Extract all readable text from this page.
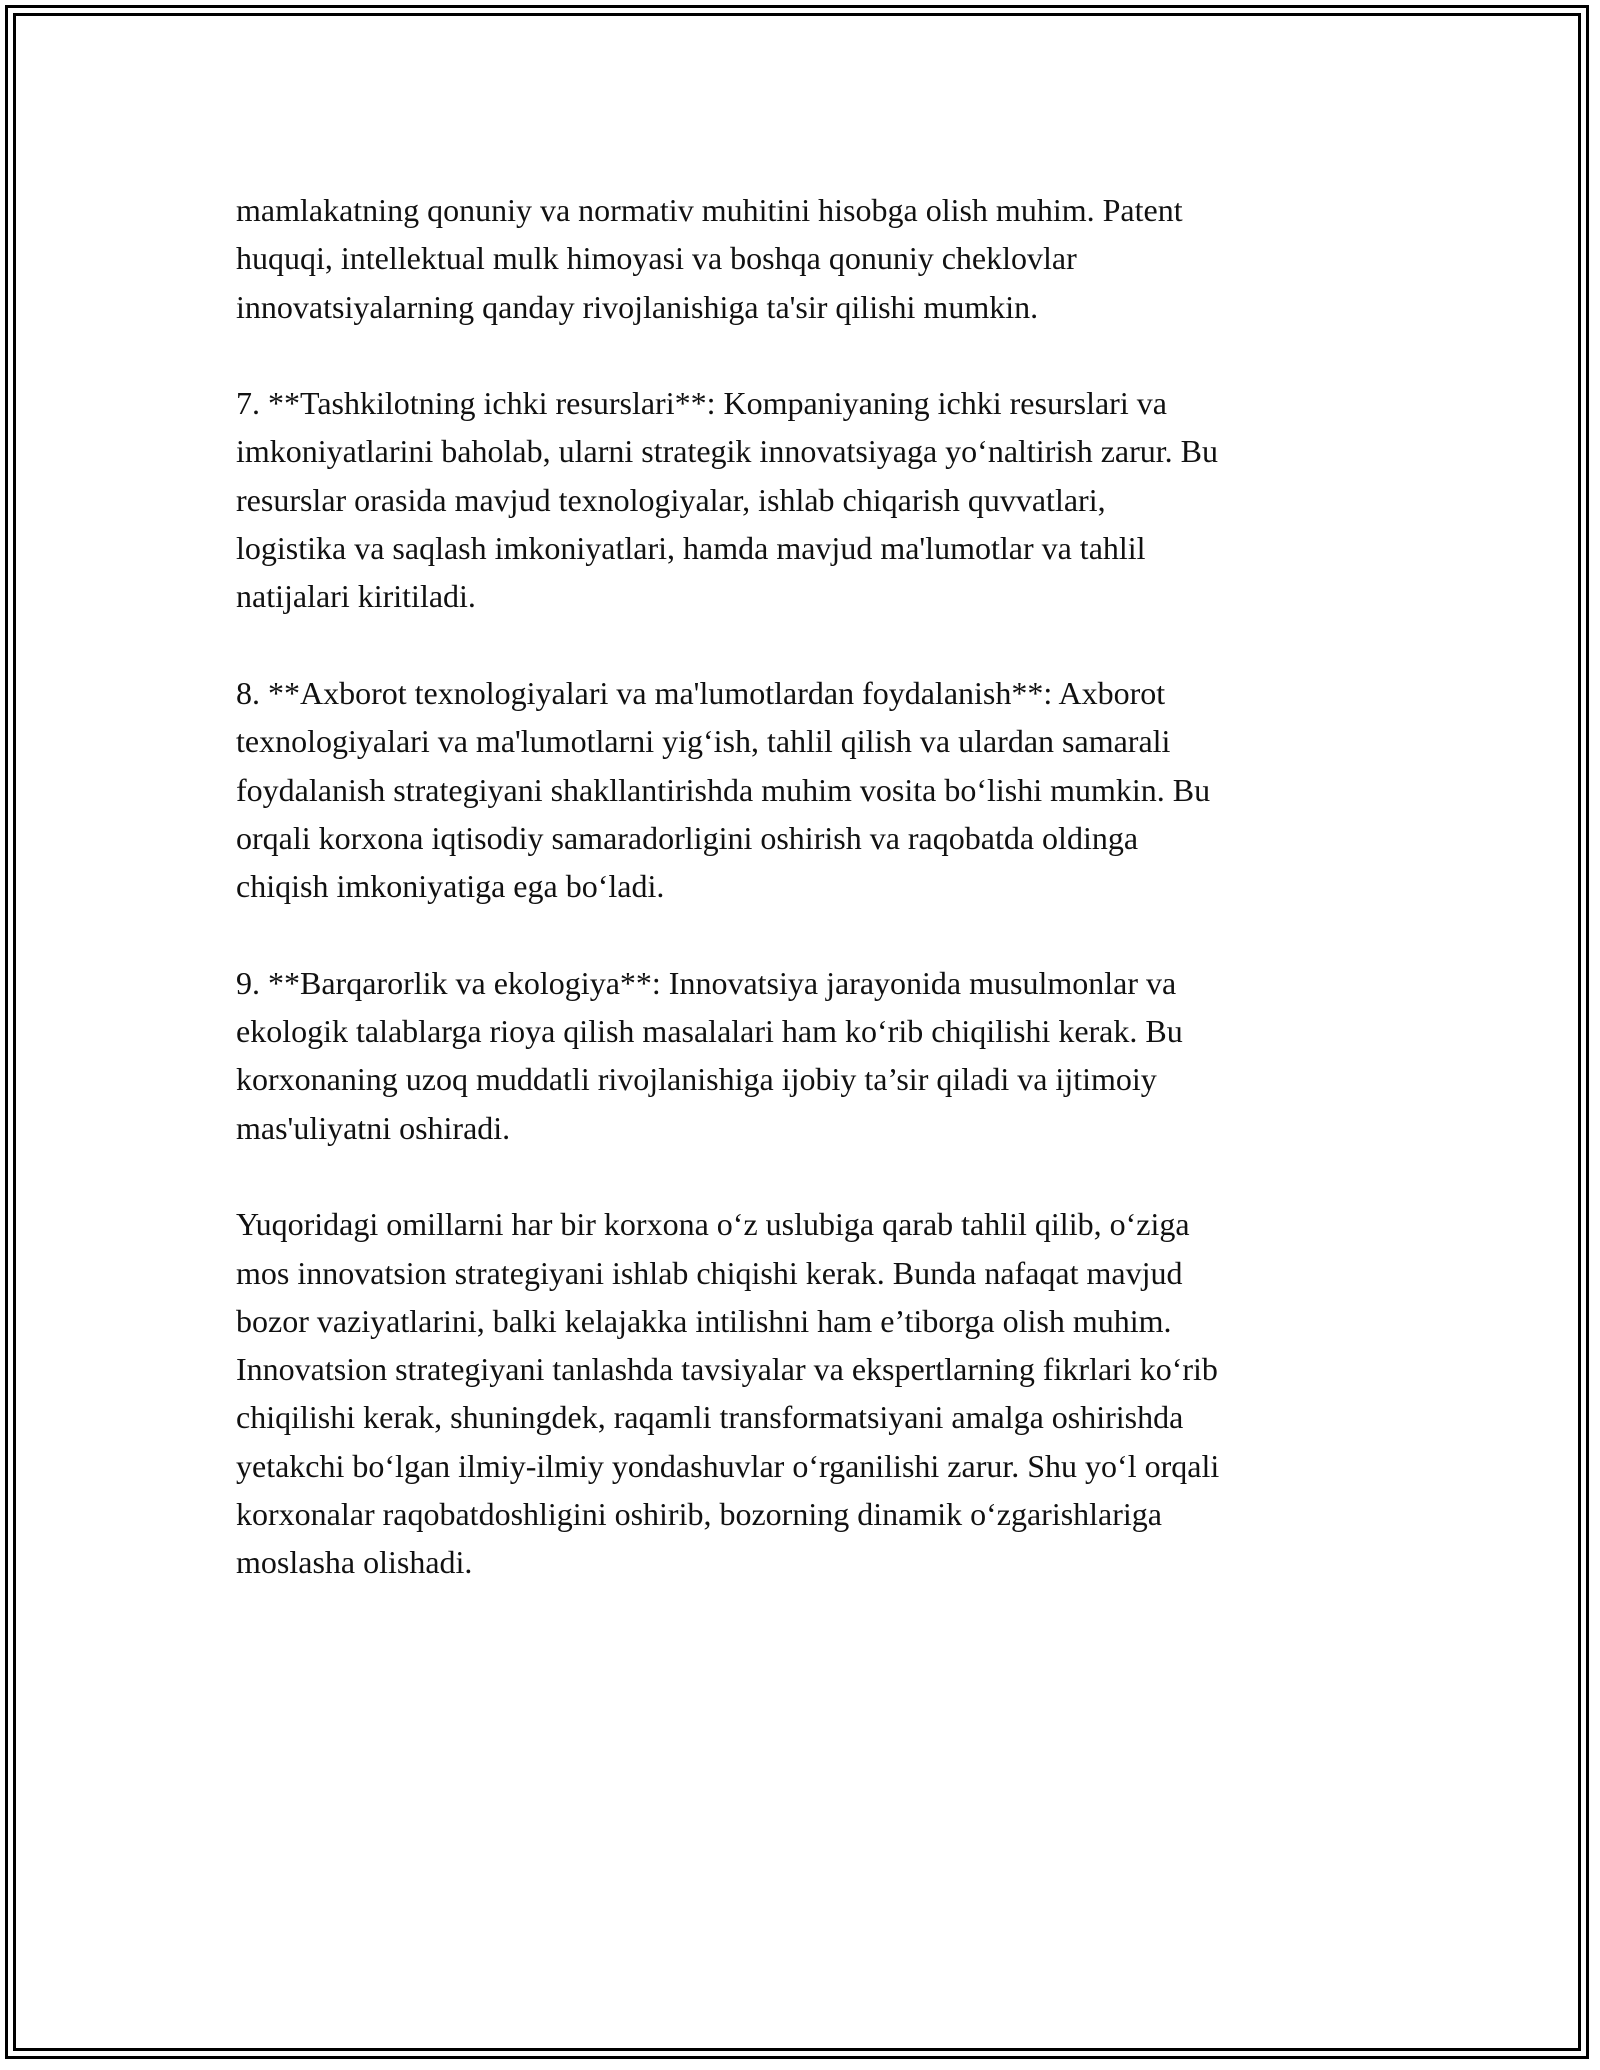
mamlakatning qonuniy va normativ muhitini hisobga olish muhim. Patent
huquqi, intellektual mulk himoyasi va boshqa qonuniy cheklovlar
innovatsiyalarning qanday rivojlanishiga ta'sir qilishi mumkin.

7. **Tashkilotning ichki resurslari**: Kompaniyaning ichki resurslari va
imkoniyatlarini baholab, ularni strategik innovatsiyaga yo‘naltirish zarur. Bu
resurslar orasida mavjud texnologiyalar, ishlab chiqarish quvvatlari,
logistika va saqlash imkoniyatlari, hamda mavjud ma'lumotlar va tahlil
natijalari kiritiladi.

8. **Axborot texnologiyalari va ma'lumotlardan foydalanish**: Axborot
texnologiyalari va ma'lumotlarni yig‘ish, tahlil qilish va ulardan samarali
foydalanish strategiyani shakllantirishda muhim vosita bo‘lishi mumkin. Bu
orqali korxona iqtisodiy samaradorligini oshirish va raqobatda oldinga
chiqish imkoniyatiga ega bo‘ladi.

9. **Barqarorlik va ekologiya**: Innovatsiya jarayonida musulmonlar va
ekologik talablarga rioya qilish masalalari ham ko‘rib chiqilishi kerak. Bu
korxonaning uzoq muddatli rivojlanishiga ijobiy ta’sir qiladi va ijtimoiy
mas'uliyatni oshiradi.

Yuqoridagi omillarni har bir korxona o‘z uslubiga qarab tahlil qilib, o‘ziga
mos innovatsion strategiyani ishlab chiqishi kerak. Bunda nafaqat mavjud
bozor vaziyatlarini, balki kelajakka intilishni ham e’tiborga olish muhim.
Innovatsion strategiyani tanlashda tavsiyalar va ekspertlarning fikrlari ko‘rib
chiqilishi kerak, shuningdek, raqamli transformatsiyani amalga oshirishda
yetakchi bo‘lgan ilmiy-ilmiy yondashuvlar o‘rganilishi zarur. Shu yo‘l orqali
korxonalar raqobatdoshligini oshirib, bozorning dinamik o‘zgarishlariga
moslasha olishadi.
